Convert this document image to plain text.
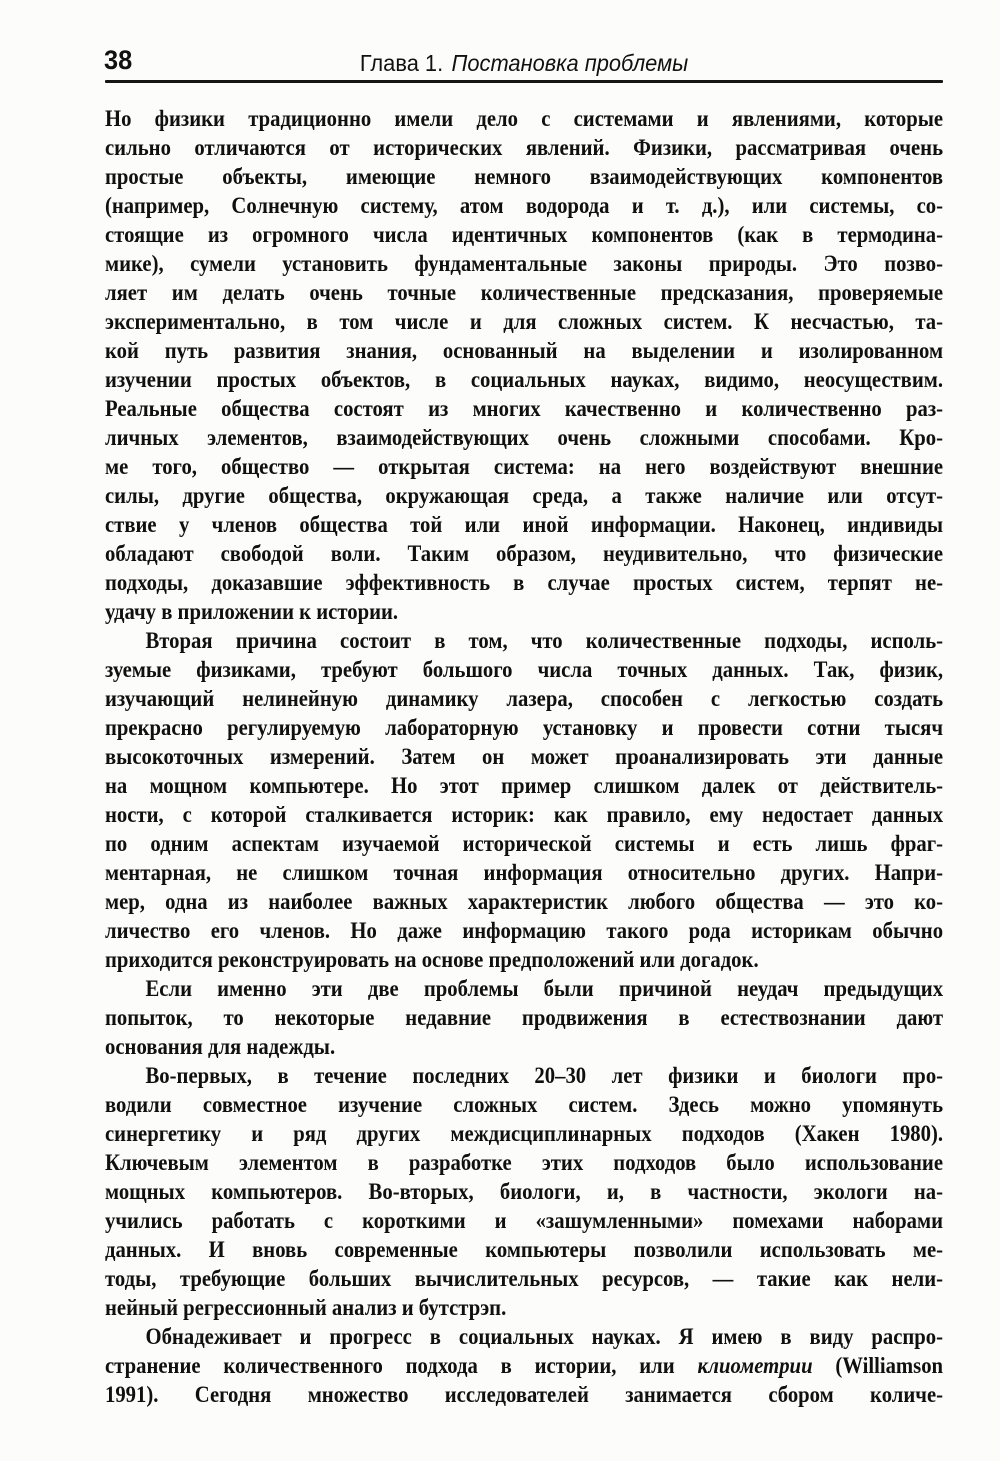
38	Глава 1. Постановка проблемы
Но физики традиционно имели дело с системами и явлениями, которые
сильно отличаются от исторических явлений. Физики, рассматривая очень
простые объекты, имеющие немного взаимодействующих компонентов
(например, Солнечную систему, атом водорода и т. д.), или системы, со-
стоящие из огромного числа идентичных компонентов (как в термодина-
мике), сумели установить фундаментальные законы природы. Это позво-
ляет им делать очень точные количественные предсказания, проверяемые
экспериментально, в том числе и для сложных систем. К несчастью, та-
кой путь развития знания, основанный на выделении и изолированном
изучении простых объектов, в социальных науках, видимо, неосуществим.
Реальные общества состоят из многих качественно и количественно раз-
личных элементов, взаимодействующих очень сложными способами. Кро-
ме того, общество — открытая система: на него воздействуют внешние
силы, другие общества, окружающая среда, а также наличие или отсут-
ствие у членов общества той или иной информации. Наконец, индивиды
обладают свободой воли. Таким образом, неудивительно, что физические
подходы, доказавшие эффективность в случае простых систем, терпят не-
удачу в приложении к истории.
Вторая причина состоит в том, что количественные подходы, исполь-
зуемые физиками, требуют большого числа точных данных. Так, физик,
изучающий нелинейную динамику лазера, способен с легкостью создать
прекрасно регулируемую лабораторную установку и провести сотни тысяч
высокоточных измерений. Затем он может проанализировать эти данные
на мощном компьютере. Но этот пример слишком далек от действитель-
ности, с которой сталкивается историк: как правило, ему недостает данных
по одним аспектам изучаемой исторической системы и есть лишь фраг-
ментарная, не слишком точная информация относительно других. Напри-
мер, одна из наиболее важных характеристик любого общества — это ко-
личество его членов. Но даже информацию такого рода историкам обычно
приходится реконструировать на основе предположений или догадок.
Если именно эти две проблемы были причиной неудач предыдущих
попыток, то некоторые недавние продвижения в естествознании дают
основания для надежды.
Во-первых, в течение последних 20–30 лет физики и биологи про-
водили совместное изучение сложных систем. Здесь можно упомянуть
синергетику и ряд других междисциплинарных подходов (Хакен 1980).
Ключевым элементом в разработке этих подходов было использование
мощных компьютеров. Во-вторых, биологи, и, в частности, экологи на-
учились работать с короткими и «зашумленными» помехами наборами
данных. И вновь современные компьютеры позволили использовать ме-
тоды, требующие больших вычислительных ресурсов, — такие как нели-
нейный регрессионный анализ и бутстрэп.
Обнадеживает и прогресс в социальных науках. Я имею в виду распро-
странение количественного подхода в истории, или клиометрии (Williamson
1991). Сегодня множество исследователей занимается сбором количе-
